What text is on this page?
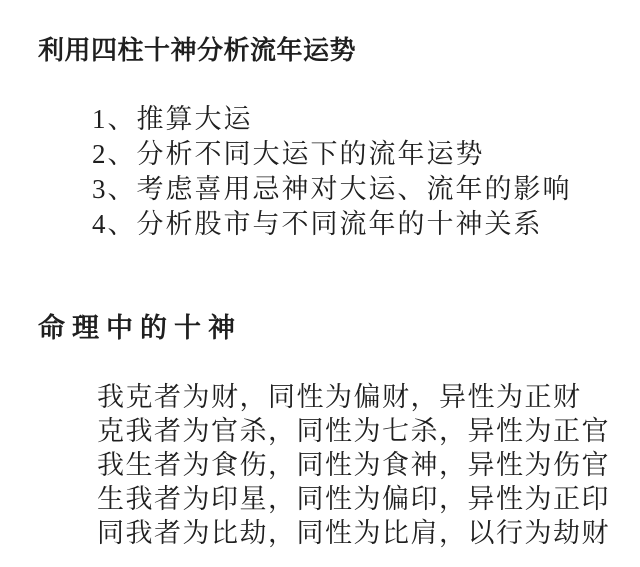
利用四柱十神分析流年运势
1、推算大运
2、分析不同大运下的流年运势
3、考虑喜用忌神对大运、流年的影响
4、分析股市与不同流年的十神关系
命理中的十神
我克者为财，同性为偏财，异性为正财
克我者为官杀，同性为七杀，异性为正官
我生者为食伤，同性为食神，异性为伤官
生我者为印星，同性为偏印，异性为正印
同我者为比劫，同性为比肩，以行为劫财
